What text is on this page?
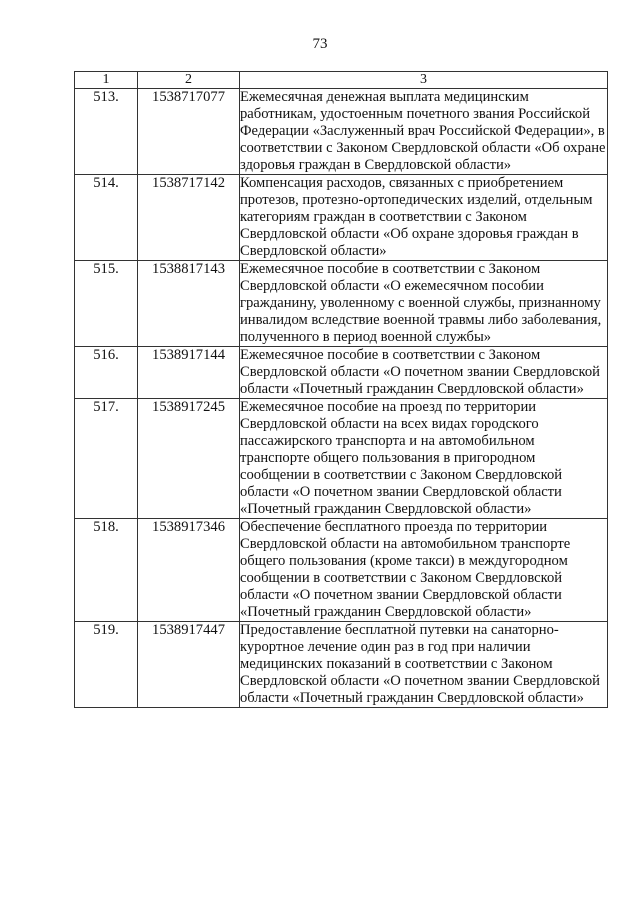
73
1	2	3
513.	1538717077	Ежемесячная денежная выплата медицинским работникам, удостоенным почетного звания Российской Федерации «Заслуженный врач Российской Федерации», в соответствии с Законом Свердловской области «Об охране здоровья граждан в Свердловской области»
514.	1538717142	Компенсация расходов, связанных с приобретением протезов, протезно-ортопедических изделий, отдельным категориям граждан в соответствии с Законом Свердловской области «Об охране здоровья граждан в Свердловской области»
515.	1538817143	Ежемесячное пособие в соответствии с Законом Свердловской области «О ежемесячном пособии гражданину, уволенному с военной службы, признанному инвалидом вследствие военной травмы либо заболевания, полученного в период военной службы»
516.	1538917144	Ежемесячное пособие в соответствии с Законом Свердловской области «О почетном звании Свердловской области «Почетный гражданин Свердловской области»
517.	1538917245	Ежемесячное пособие на проезд по территории Свердловской области на всех видах городского пассажирского транспорта и на автомобильном транспорте общего пользования в пригородном сообщении в соответствии с Законом Свердловской области «О почетном звании Свердловской области «Почетный гражданин Свердловской области»
518.	1538917346	Обеспечение бесплатного проезда по территории Свердловской области на автомобильном транспорте общего пользования (кроме такси) в междугородном сообщении в соответствии с Законом Свердловской области «О почетном звании Свердловской области «Почетный гражданин Свердловской области»
519.	1538917447	Предоставление бесплатной путевки на санаторно-курортное лечение один раз в год при наличии медицинских показаний в соответствии с Законом Свердловской области «О почетном звании Свердловской области «Почетный гражданин Свердловской области»
